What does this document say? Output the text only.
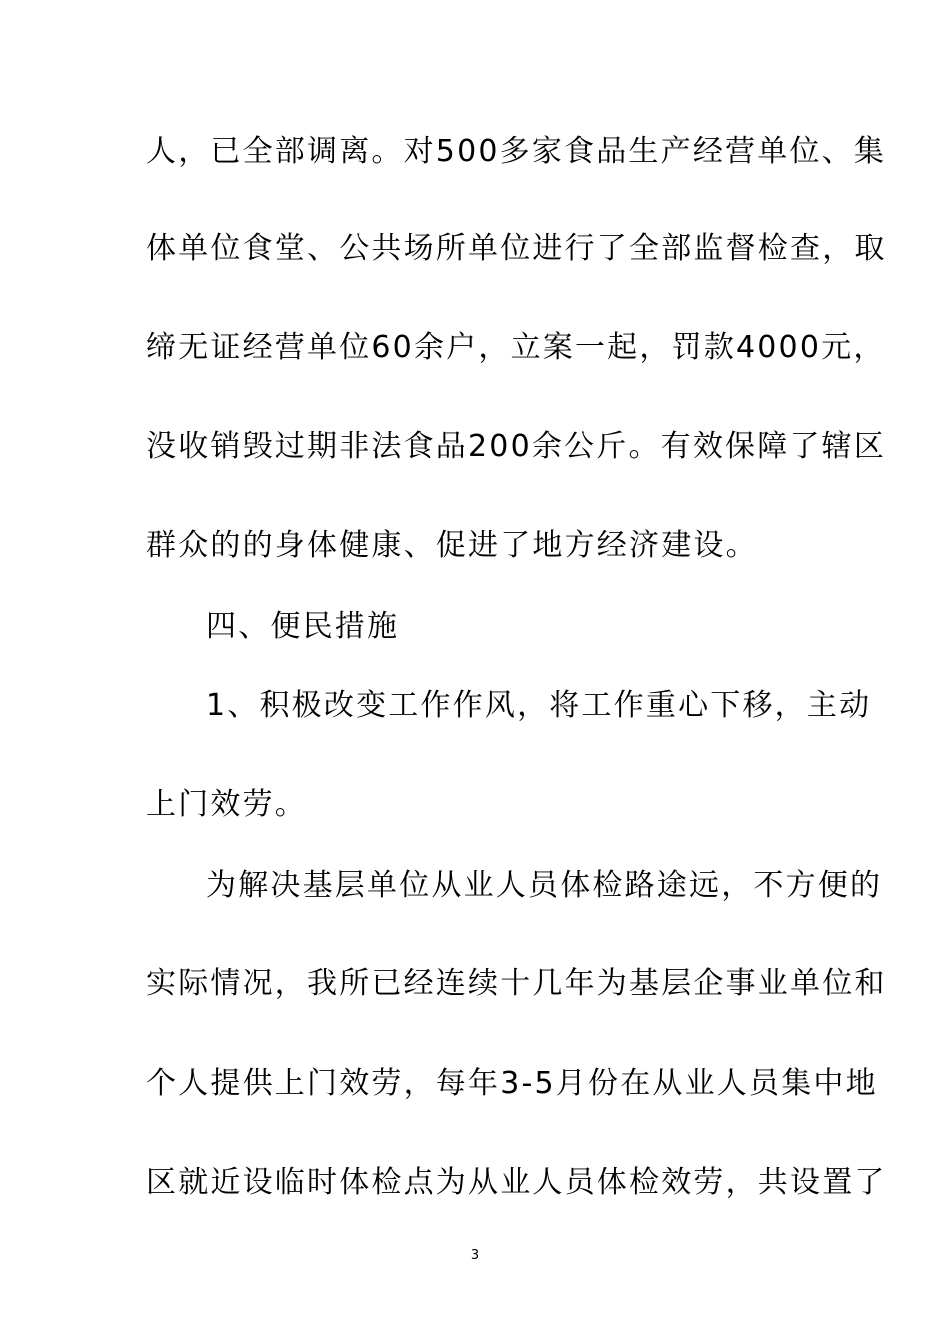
人，已全部调离。对500多家食品生产经营单位、集
体单位食堂、公共场所单位进行了全部监督检查，取
缔无证经营单位60余户，立案一起，罚款4000元，
没收销毁过期非法食品200余公斤。有效保障了辖区
群众的的身体健康、促进了地方经济建设。
四、便民措施
1、积极改变工作作风，将工作重心下移，主动
上门效劳。
为解决基层单位从业人员体检路途远，不方便的
实际情况，我所已经连续十几年为基层企事业单位和
个人提供上门效劳，每年3-5月份在从业人员集中地
区就近设临时体检点为从业人员体检效劳，共设置了
3
